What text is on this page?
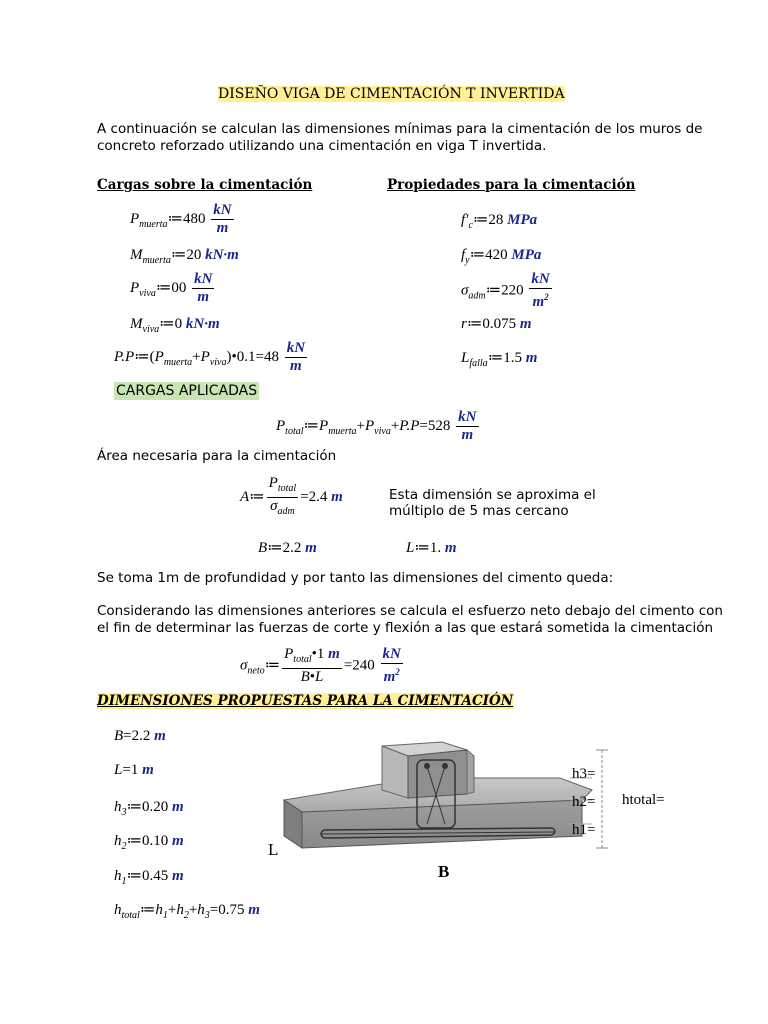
DISEÑO VIGA DE CIMENTACIÓN T INVERTIDA
A continuación se calculan las dimensiones mínimas para la cimentación de los muros de
concreto reforzado utilizando una cimentación en viga T invertida.
Cargas sobre la cimentación	Propiedades para la cimentación
$P_{muerta}≔480 \frac{kN}{m}$
$M_{muerta}≔20$ kN·m
$P_{viva}≔00 \frac{kN}{m}$
$M_{viva}≔0$ kN·m
$P.P≔(P_{muerta}+P_{viva})•0.1=48 \frac{kN}{m}$
$f'_c≔28$ MPa
$f_y≔420$ MPa
$\sigma_{adm}≔220 \frac{kN}{m^2}$
r≔0.075 m
$L_{falla}≔1.5$ m
CARGAS APLICADAS
$P_{total}≔P_{muerta}+P_{viva}+P.P=528 \frac{kN}{m}$
Área necesaria para la cimentación
A≔ $\frac{P_{total}}{\sigma_{adm}} =2.4$ m	Esta dimensión se aproxima el
múltiplo de 5 mas cercano
B≔2.2 m	L≔1. m
Se toma 1m de profundidad y por tanto las dimensiones del cimento queda:
Considerando las dimensiones anteriores se calcula el esfuerzo neto debajo del cimento con
el fin de determinar las fuerzas de corte y flexión a las que estará sometida la cimentación
$\sigma_{neto}≔ \frac{P_{total}•1 m}{B•L} =240 \frac{kN}{m^2}$
DIMENSIONES PROPUESTAS PARA LA CIMENTACIÓN
B=2.2 m
L=1 m
$h_3≔0.20$ m
$h_2≔0.10$ m
$h_1≔0.45$ m
$h_{total}≔h_1+h_2+h_3=0.75$ m
L
B
h3=
h2=
h1=
htotal=
